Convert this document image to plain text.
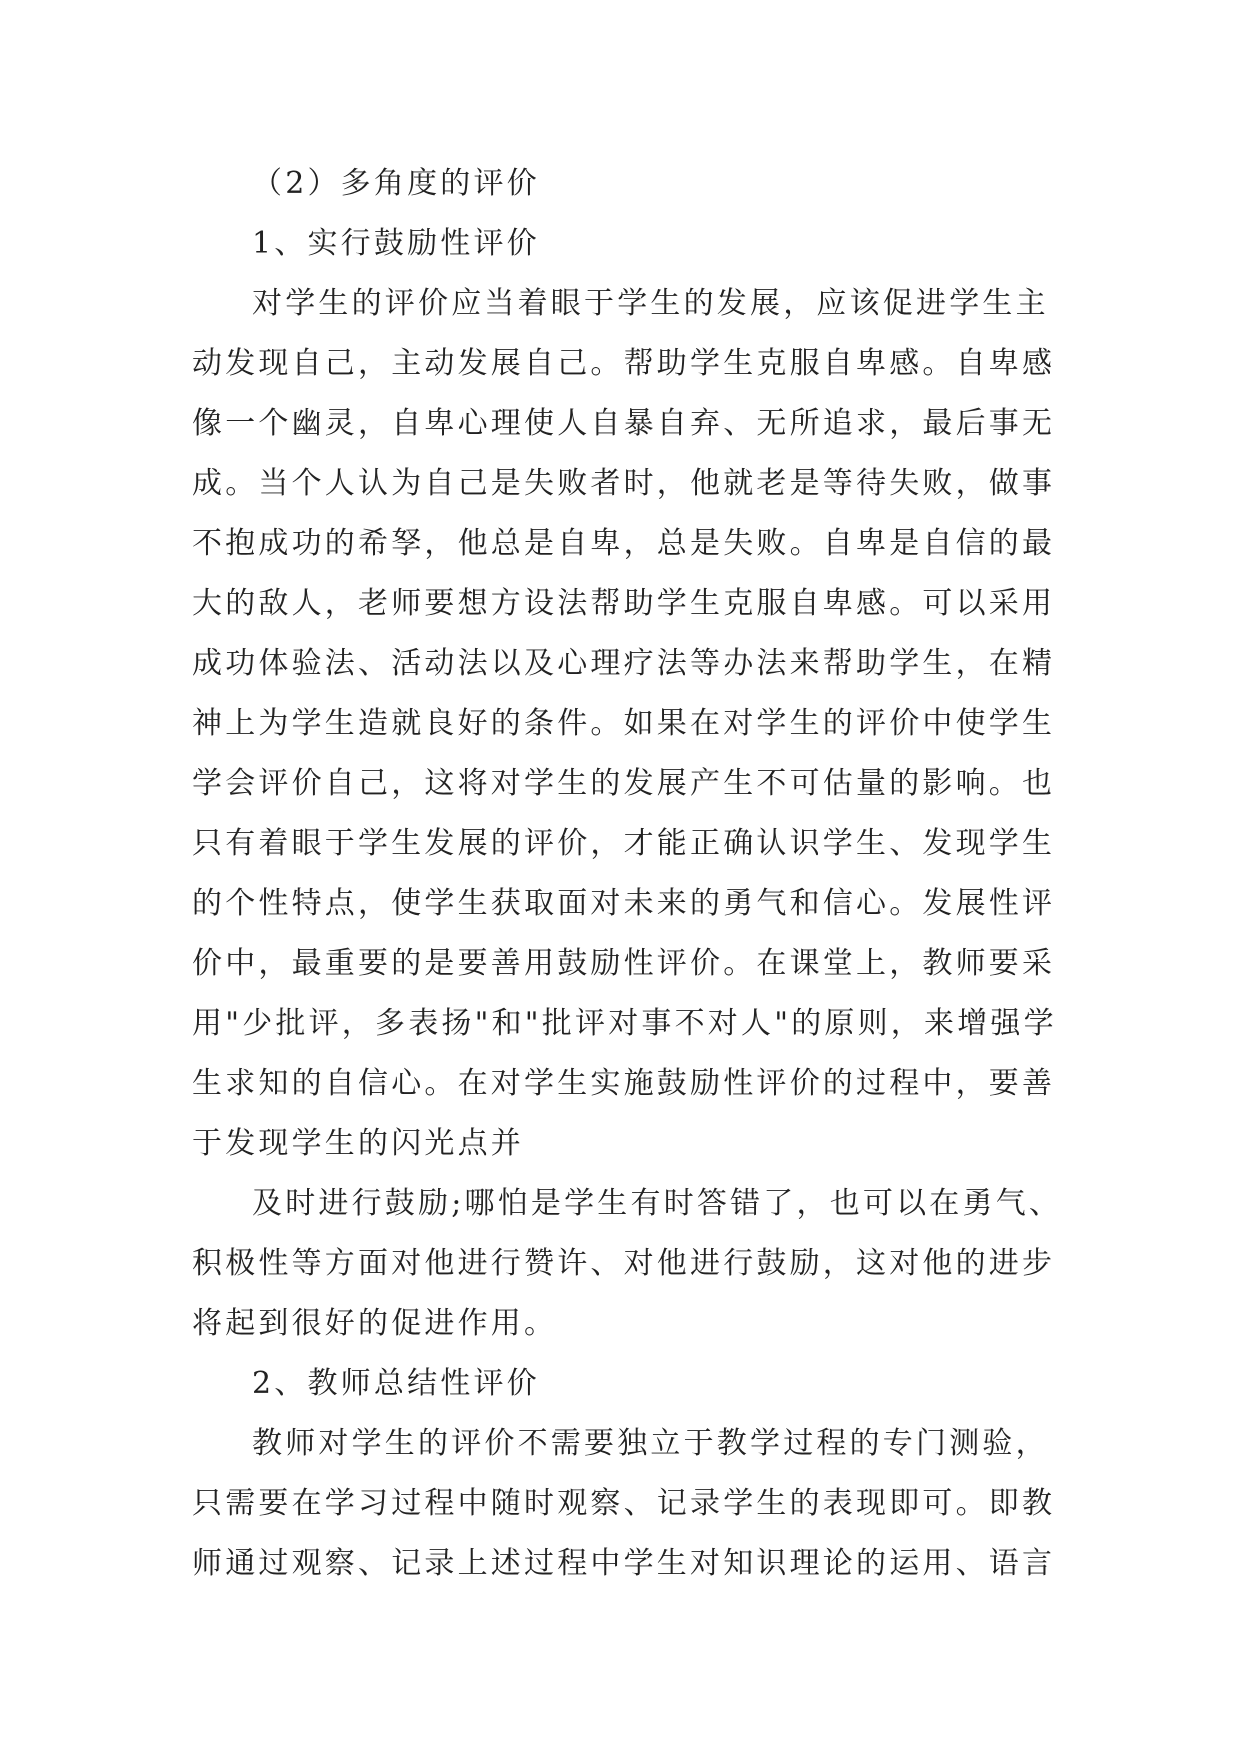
（2）多角度的评价
1、实行鼓励性评价
对学生的评价应当着眼于学生的发展，应该促进学生主
动发现自己，主动发展自己。帮助学生克服自卑感。自卑感
像一个幽灵，自卑心理使人自暴自弃、无所追求，最后事无
成。当个人认为自己是失败者时，他就老是等待失败，做事
不抱成功的希孥，他总是自卑，总是失败。自卑是自信的最
大的敌人，老师要想方设法帮助学生克服自卑感。可以采用
成功体验法、活动法以及心理疗法等办法来帮助学生，在精
神上为学生造就良好的条件。如果在对学生的评价中使学生
学会评价自己，这将对学生的发展产生不可估量的影响。也
只有着眼于学生发展的评价，才能正确认识学生、发现学生
的个性特点，使学生获取面对未来的勇气和信心。发展性评
价中，最重要的是要善用鼓励性评价。在课堂上，教师要采
用"少批评，多表扬"和"批评对事不对人"的原则，来增强学
生求知的自信心。在对学生实施鼓励性评价的过程中，要善
于发现学生的闪光点并
及时进行鼓励;哪怕是学生有时答错了，也可以在勇气、
积极性等方面对他进行赞许、对他进行鼓励，这对他的进步
将起到很好的促进作用。
2、教师总结性评价
教师对学生的评价不需要独立于教学过程的专门测验，
只需要在学习过程中随时观察、记录学生的表现即可。即教
师通过观察、记录上述过程中学生对知识理论的运用、语言
